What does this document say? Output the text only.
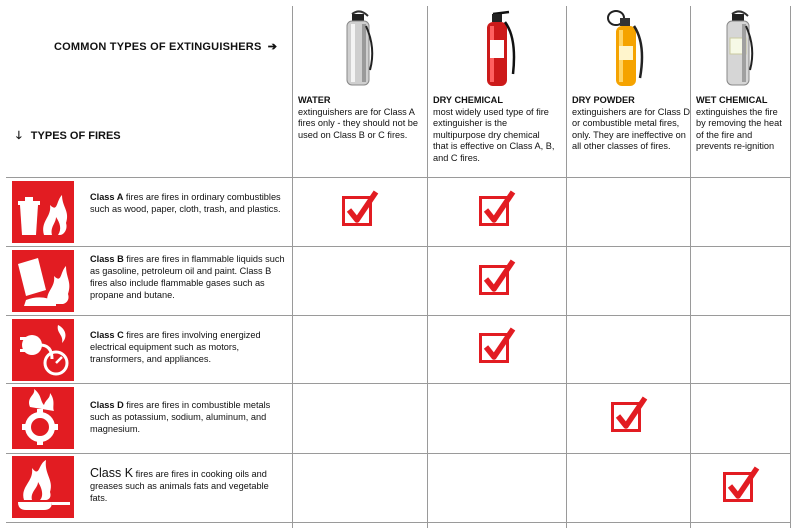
COMMON TYPES OF EXTINGUISHERS ➔
🡓 TYPES OF FIRES
WATER
extinguishers are for Class A fires only - they should not be used on Class B or C fires.
DRY CHEMICAL
most widely used type of fire extinguisher is the multipurpose dry chemical that is effective on Class A, B, and C fires.
DRY POWDER
extinguishers are for Class D or combustible metal fires, only. They are ineffective on all other classes of fires.
WET CHEMICAL
extinguishes the fire by removing the heat of the fire and prevents re-ignition
Class A fires are fires in ordinary combustibles such as wood, paper, cloth, trash, and plastics.
Class B fires are fires in flammable liquids such as gasoline, petroleum oil and paint. Class B fires also include flammable gases such as propane and butane.
Class C fires are fires involving energized electrical equipment such as motors, transformers, and appliances.
Class D fires are fires in combustible metals such as potassium, sodium, aluminum, and magnesium.
Class K fires are fires in cooking oils and greases such as animals fats and vegetable fats.
